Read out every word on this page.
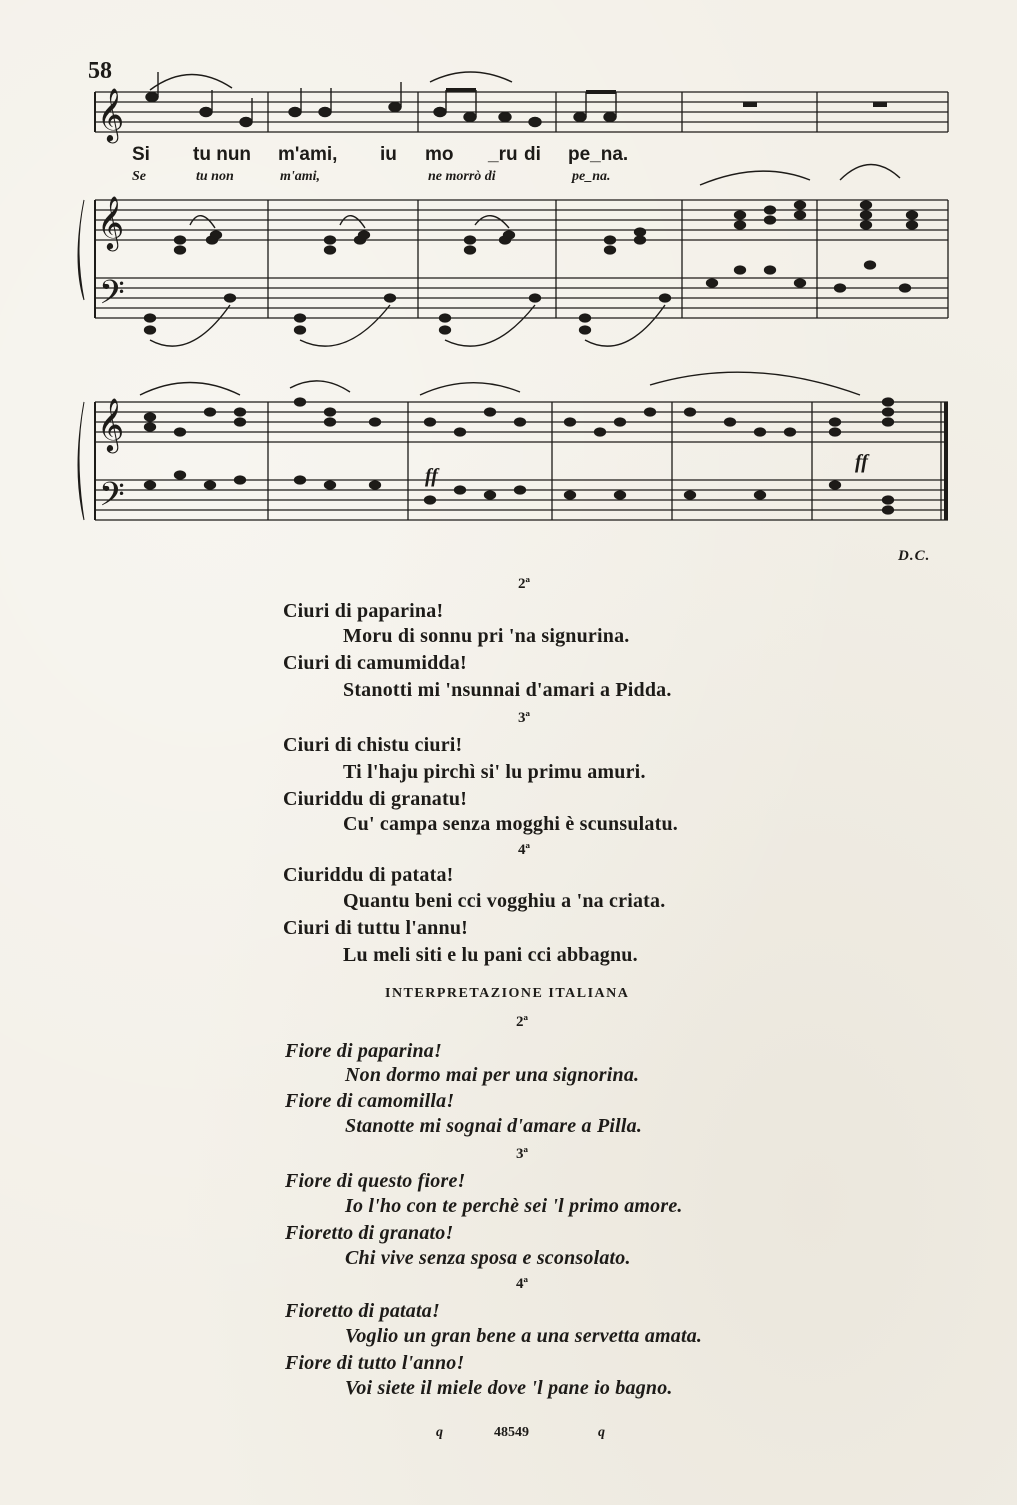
58
𝄞
𝄞
𝄢
𝄞
𝄢
Si tu nun m'ami, iu mo _ru di pe_na.
Se	tu non	m'ami,	ne morrò di	pe_na.
ff
ff
D.C.
2ª
Ciuri di paparina!
Moru di sonnu pri 'na signurina.
Ciuri di camumidda!
Stanotti mi 'nsunnai d'amari a Pidda.
3ª
Ciuri di chistu ciuri!
Ti l'haju pirchì si' lu primu amuri.
Ciuriddu di granatu!
Cu' campa senza mogghi è scunsulatu.
4ª
Ciuriddu di patata!
Quantu beni cci vogghiu a 'na criata.
Ciuri di tuttu l'annu!
Lu meli siti e lu pani cci abbagnu.
INTERPRETAZIONE ITALIANA
2ª
Fiore di paparina!
Non dormo mai per una signorina.
Fiore di camomilla!
Stanotte mi sognai d'amare a Pilla.
3ª
Fiore di questo fiore!
Io l'ho con te perchè sei 'l primo amore.
Fioretto di granato!
Chi vive senza sposa e sconsolato.
4ª
Fioretto di patata!
Voglio un gran bene a una servetta amata.
Fiore di tutto l'anno!
Voi siete il miele dove 'l pane io bagno.
q	48549	q
